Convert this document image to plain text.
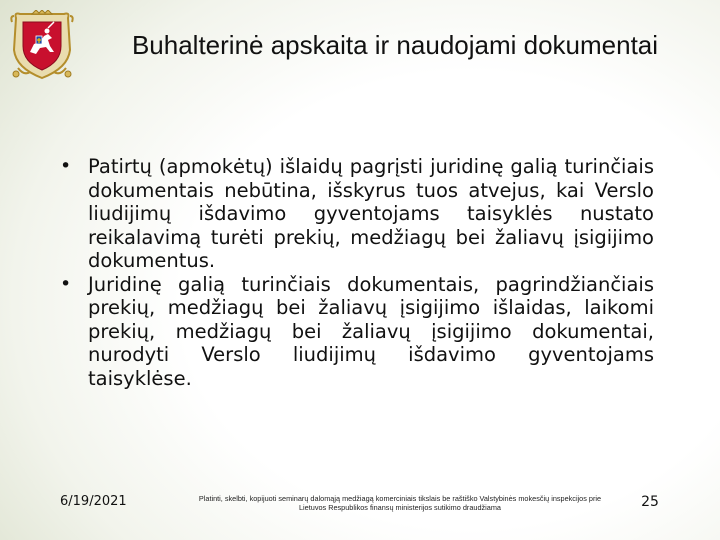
Buhalterinė apskaita ir naudojami dokumentai
• Patirtų (apmokėtų) išlaidų pagrįsti juridinę galią turinčiais dokumentais nebūtina, išskyrus tuos atvejus, kai Verslo liudijimų išdavimo gyventojams taisyklės nustato reikalavimą turėti prekių, medžiagų bei žaliavų įsigijimo dokumentus.
• Juridinę galią turinčiais dokumentais, pagrindžiančiais prekių, medžiagų bei žaliavų įsigijimo išlaidas, laikomi prekių, medžiagų bei žaliavų įsigijimo dokumentai, nurodyti Verslo liudijimų išdavimo gyventojams taisyklėse.
6/19/2021	Platinti, skelbti, kopijuoti seminarų dalomąją medžiagą komerciniais tikslais be raštiško Valstybinės mokesčių inspekcijos prie Lietuvos Respublikos finansų ministerijos sutikimo draudžiama	25
